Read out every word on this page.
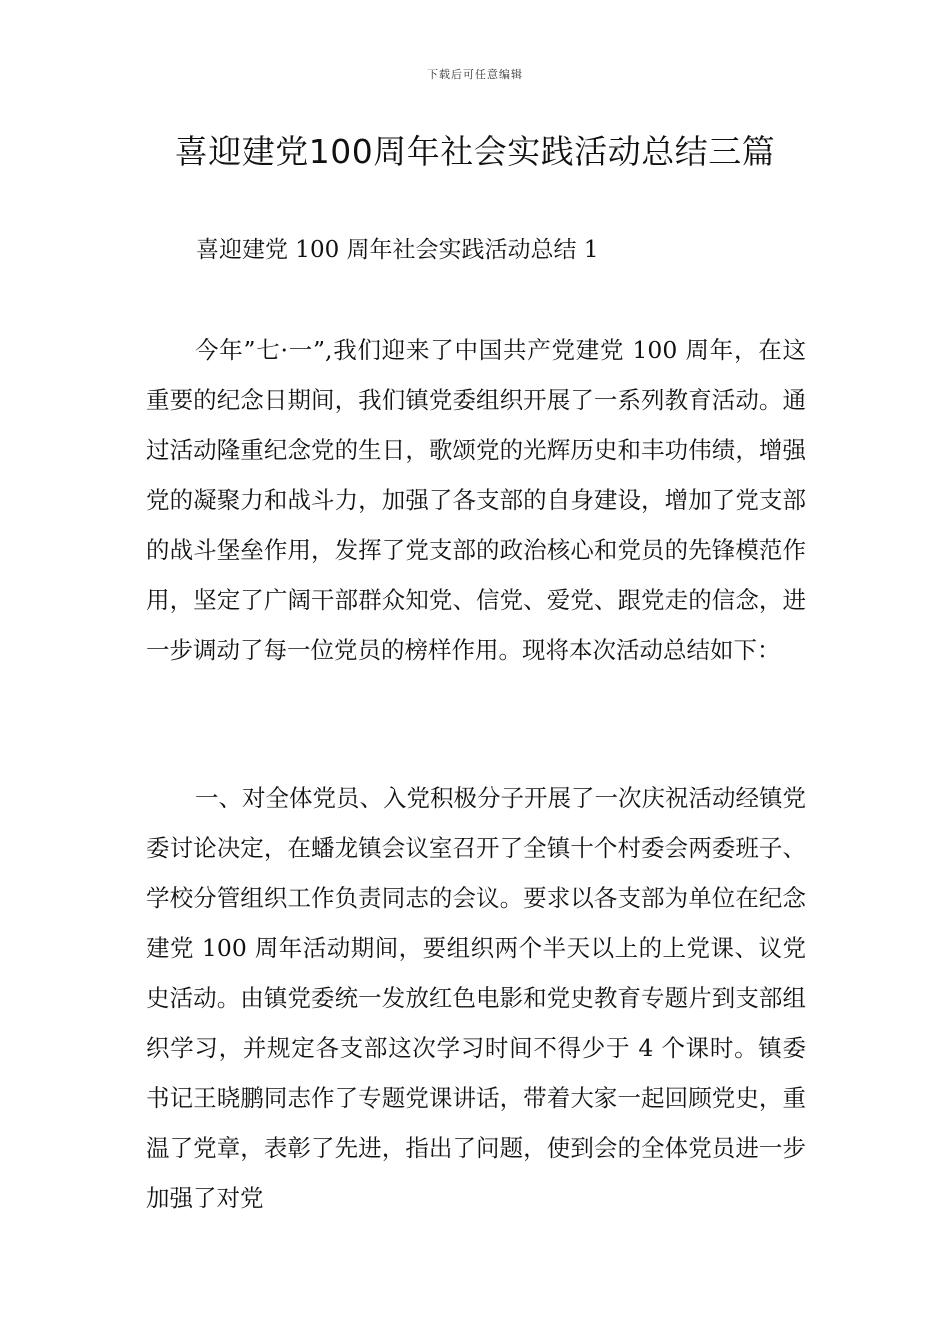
下载后可任意编辑
喜迎建党100周年社会实践活动总结三篇
喜迎建党 100 周年社会实践活动总结 1

今年”七·一”,我们迎来了中国共产党建党 100 周年，在这重要的纪念日期间，我们镇党委组织开展了一系列教育活动。通过活动隆重纪念党的生日，歌颂党的光辉历史和丰功伟绩，增强党的凝聚力和战斗力，加强了各支部的自身建设，增加了党支部的战斗堡垒作用，发挥了党支部的政治核心和党员的先锋模范作用，坚定了广阔干部群众知党、信党、爱党、跟党走的信念，进一步调动了每一位党员的榜样作用。现将本次活动总结如下：

一、对全体党员、入党积极分子开展了一次庆祝活动经镇党委讨论决定，在蟠龙镇会议室召开了全镇十个村委会两委班子、学校分管组织工作负责同志的会议。要求以各支部为单位在纪念建党 100 周年活动期间，要组织两个半天以上的上党课、议党史活动。由镇党委统一发放红色电影和党史教育专题片到支部组织学习，并规定各支部这次学习时间不得少于 4 个课时。镇委书记王晓鹏同志作了专题党课讲话，带着大家一起回顾党史，重温了党章，表彰了先进，指出了问题，使到会的全体党员进一步加强了对党
